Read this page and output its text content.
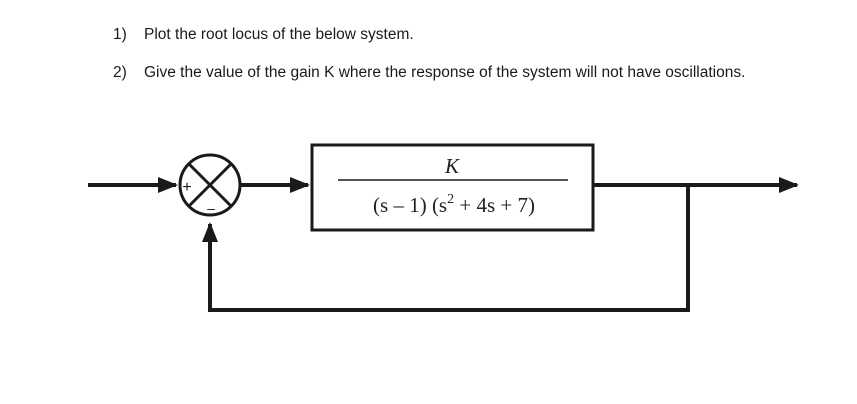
1) Plot the root locus of the below system.
2) Give the value of the gain K where the response of the system will not have oscillations.
+
–
K
(s – 1) $(s^2 + 4s + 7)$
